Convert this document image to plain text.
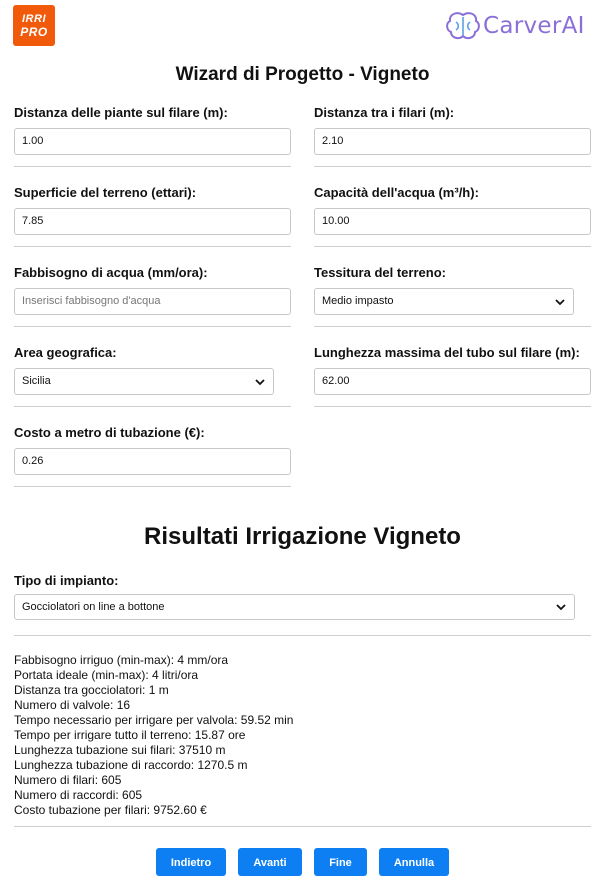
IRRI
PRO	CarverAI
Wizard di Progetto - Vigneto
Distanza delle piante sul filare (m):
1.00
Distanza tra i filari (m):
2.10
Superficie del terreno (ettari):
7.85
Capacità dell'acqua (m³/h):
10.00
Fabbisogno di acqua (mm/ora):
Inserisci fabbisogno d'acqua
Tessitura del terreno:
Medio impasto
Area geografica:
Sicilia
Lunghezza massima del tubo sul filare (m):
62.00
Costo a metro di tubazione (€):
0.26
Risultati Irrigazione Vigneto
Tipo di impianto:
Gocciolatori on line a bottone
Fabbisogno irriguo (min-max): 4 mm/ora
Portata ideale (min-max): 4 litri/ora
Distanza tra gocciolatori: 1 m
Numero di valvole: 16
Tempo necessario per irrigare per valvola: 59.52 min
Tempo per irrigare tutto il terreno: 15.87 ore
Lunghezza tubazione sui filari: 37510 m
Lunghezza tubazione di raccordo: 1270.5 m
Numero di filari: 605
Numero di raccordi: 605
Costo tubazione per filari: 9752.60 €
Indietro	Avanti	Fine	Annulla
